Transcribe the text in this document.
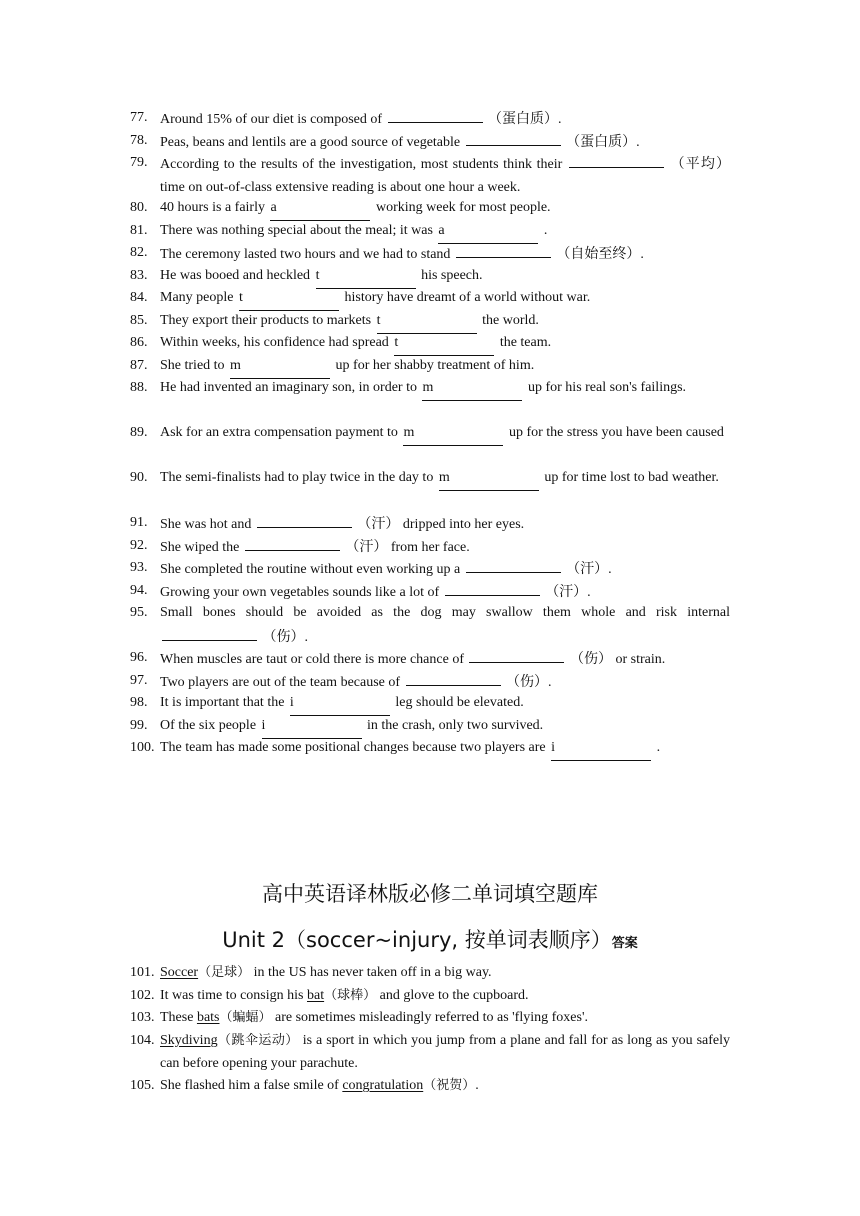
77. Around 15% of our diet is composed of	（蛋白质）.
78. Peas, beans and lentils are a good source of vegetable	（蛋白质）.
79. According to the results of the investigation, most students think their	（平均） time on out-of-class extensive reading is about one hour a week.
80. 40 hours is a fairly a	working week for most people.
81. There was nothing special about the meal; it was a	.
82. The ceremony lasted two hours and we had to stand	（自始至终）.
83. He was booed and heckled t	his speech.
84. Many people t	history have dreamt of a world without war.
85. They export their products to markets t	the world.
86. Within weeks, his confidence had spread t	the team.
87. She tried to m	up for her shabby treatment of him.
88. He had invented an imaginary son, in order to m	up for his real son's failings.
89. Ask for an extra compensation payment to m	up for the stress you have been caused
90. The semi-finalists had to play twice in the day to m	up for time lost to bad weather.
91. She was hot and	（汗） dripped into her eyes.
92. She wiped the	（汗） from her face.
93. She completed the routine without even working up a	（汗）.
94. Growing your own vegetables sounds like a lot of	（汗）.
95. Small bones should be avoided as the dog may swallow them whole and risk internal  （伤）.
96. When muscles are taut or cold there is more chance of	（伤） or strain.
97. Two players are out of the team because of	（伤）.
98. It is important that the i	leg should be elevated.
99. Of the six people i	in the crash, only two survived.
100. The team has made some positional changes because two players are i	.
高中英语译林版必修二单词填空题库
Unit 2（soccer~injury, 按单词表顺序）答案
101. Soccer（足球） in the US has never taken off in a big way.
102. It was time to consign his bat（球棒） and glove to the cupboard.
103. These bats（蝙蝠） are sometimes misleadingly referred to as 'flying foxes'.
104. Skydiving（跳伞运动） is a sport in which you jump from a plane and fall for as long as you safely can before opening your parachute.
105. She flashed him a false smile of congratulation（祝贺）.
